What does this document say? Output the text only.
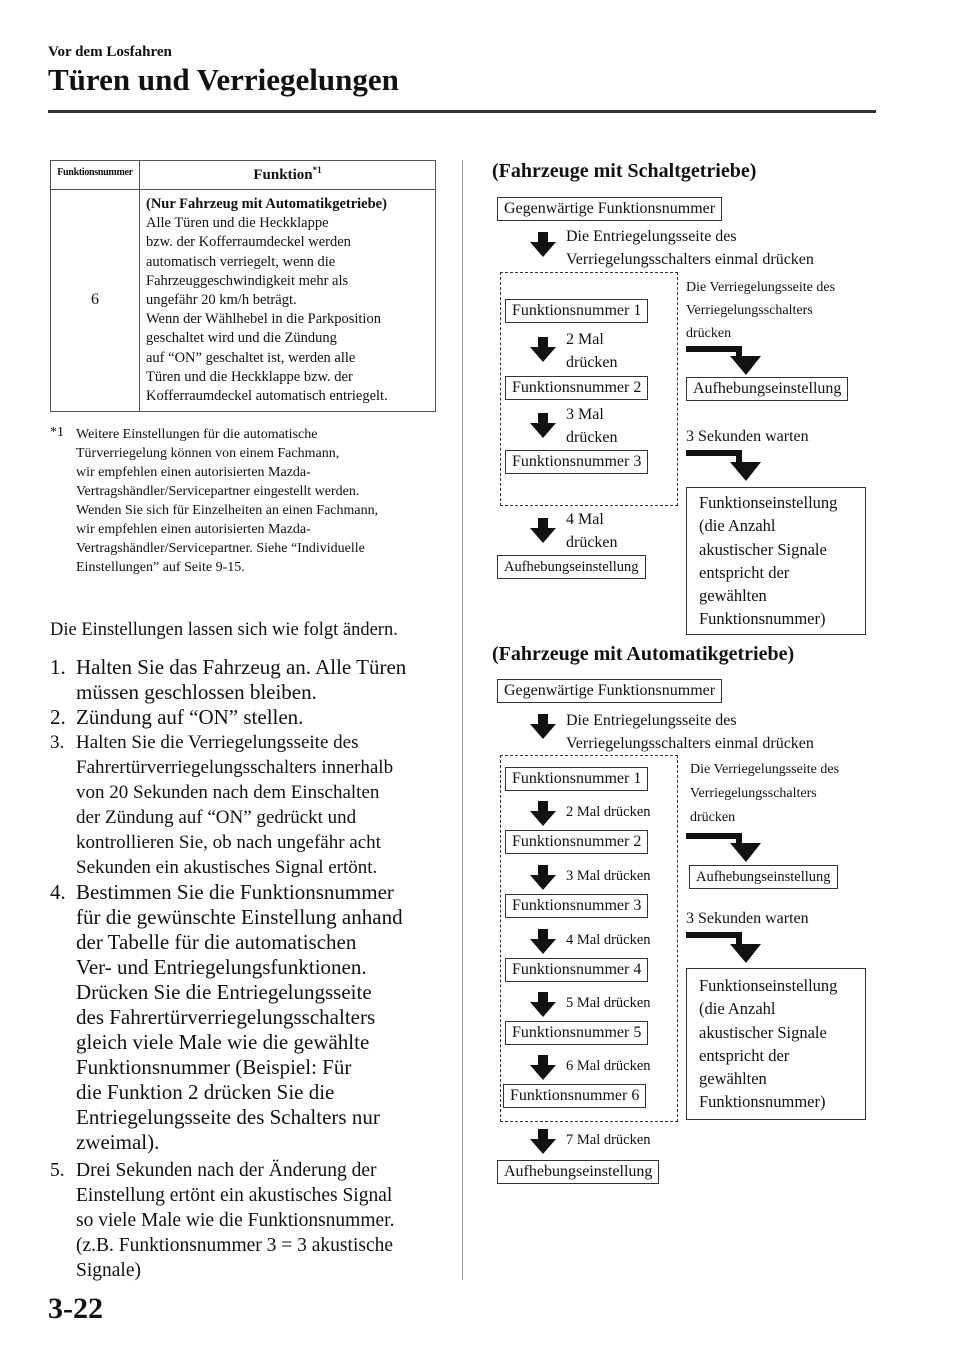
Vor dem Losfahren
Türen und Verriegelungen
Funktionsnummer	Funktion$^{*1}$
6
(Nur Fahrzeug mit Automatikgetriebe)
Alle Türen und die Heckklappe
bzw. der Kofferraumdeckel werden
automatisch verriegelt, wenn die
Fahrzeuggeschwindigkeit mehr als
ungefähr 20 km/h beträgt.
Wenn der Wählhebel in die Parkposition
geschaltet wird und die Zündung
auf “ON” geschaltet ist, werden alle
Türen und die Heckklappe bzw. der
Kofferraumdeckel automatisch entriegelt.
*1 Weitere Einstellungen für die automatische
Türverriegelung können von einem Fachmann,
wir empfehlen einen autorisierten Mazda-
Vertragshändler/Servicepartner eingestellt werden.
Wenden Sie sich für Einzelheiten an einen Fachmann,
wir empfehlen einen autorisierten Mazda-
Vertragshändler/Servicepartner. Siehe “Individuelle
Einstellungen” auf Seite 9-15.
Die Einstellungen lassen sich wie folgt ändern.
1. Halten Sie das Fahrzeug an. Alle Türen
müssen geschlossen bleiben.
2. Zündung auf “ON” stellen.
3. Halten Sie die Verriegelungsseite des
Fahrertürverriegelungsschalters innerhalb
von 20 Sekunden nach dem Einschalten
der Zündung auf “ON” gedrückt und
kontrollieren Sie, ob nach ungefähr acht
Sekunden ein akustisches Signal ertönt.
4. Bestimmen Sie die Funktionsnummer
für die gewünschte Einstellung anhand
der Tabelle für die automatischen
Ver- und Entriegelungsfunktionen.
Drücken Sie die Entriegelungsseite
des Fahrertürverriegelungsschalters
gleich viele Male wie die gewählte
Funktionsnummer (Beispiel: Für
die Funktion 2 drücken Sie die
Entriegelungsseite des Schalters nur
zweimal).
5. Drei Sekunden nach der Änderung der
Einstellung ertönt ein akustisches Signal
so viele Male wie die Funktionsnummer.
(z.B. Funktionsnummer 3 = 3 akustische
Signale)
(Fahrzeuge mit Schaltgetriebe)
Gegenwärtige Funktionsnummer
Die Entriegelungsseite des
Verriegelungsschalters einmal drücken
Funktionsnummer 1
2 Mal
drücken
Funktionsnummer 2
3 Mal
drücken
Funktionsnummer 3
4 Mal
drücken
Aufhebungseinstellung
Die Verriegelungsseite des
Verriegelungsschalters
drücken
Aufhebungseinstellung
3 Sekunden warten
Funktionseinstellung
(die Anzahl
akustischer Signale
entspricht der
gewählten
Funktionsnummer)
(Fahrzeuge mit Automatikgetriebe)
Gegenwärtige Funktionsnummer
Die Entriegelungsseite des
Verriegelungsschalters einmal drücken
Funktionsnummer 1
2 Mal drücken
Funktionsnummer 2
3 Mal drücken
Funktionsnummer 3
4 Mal drücken
Funktionsnummer 4
5 Mal drücken
Funktionsnummer 5
6 Mal drücken
Funktionsnummer 6
7 Mal drücken
Aufhebungseinstellung
Die Verriegelungsseite des
Verriegelungsschalters
drücken
Aufhebungseinstellung
3 Sekunden warten
Funktionseinstellung
(die Anzahl
akustischer Signale
entspricht der
gewählten
Funktionsnummer)
3-22
